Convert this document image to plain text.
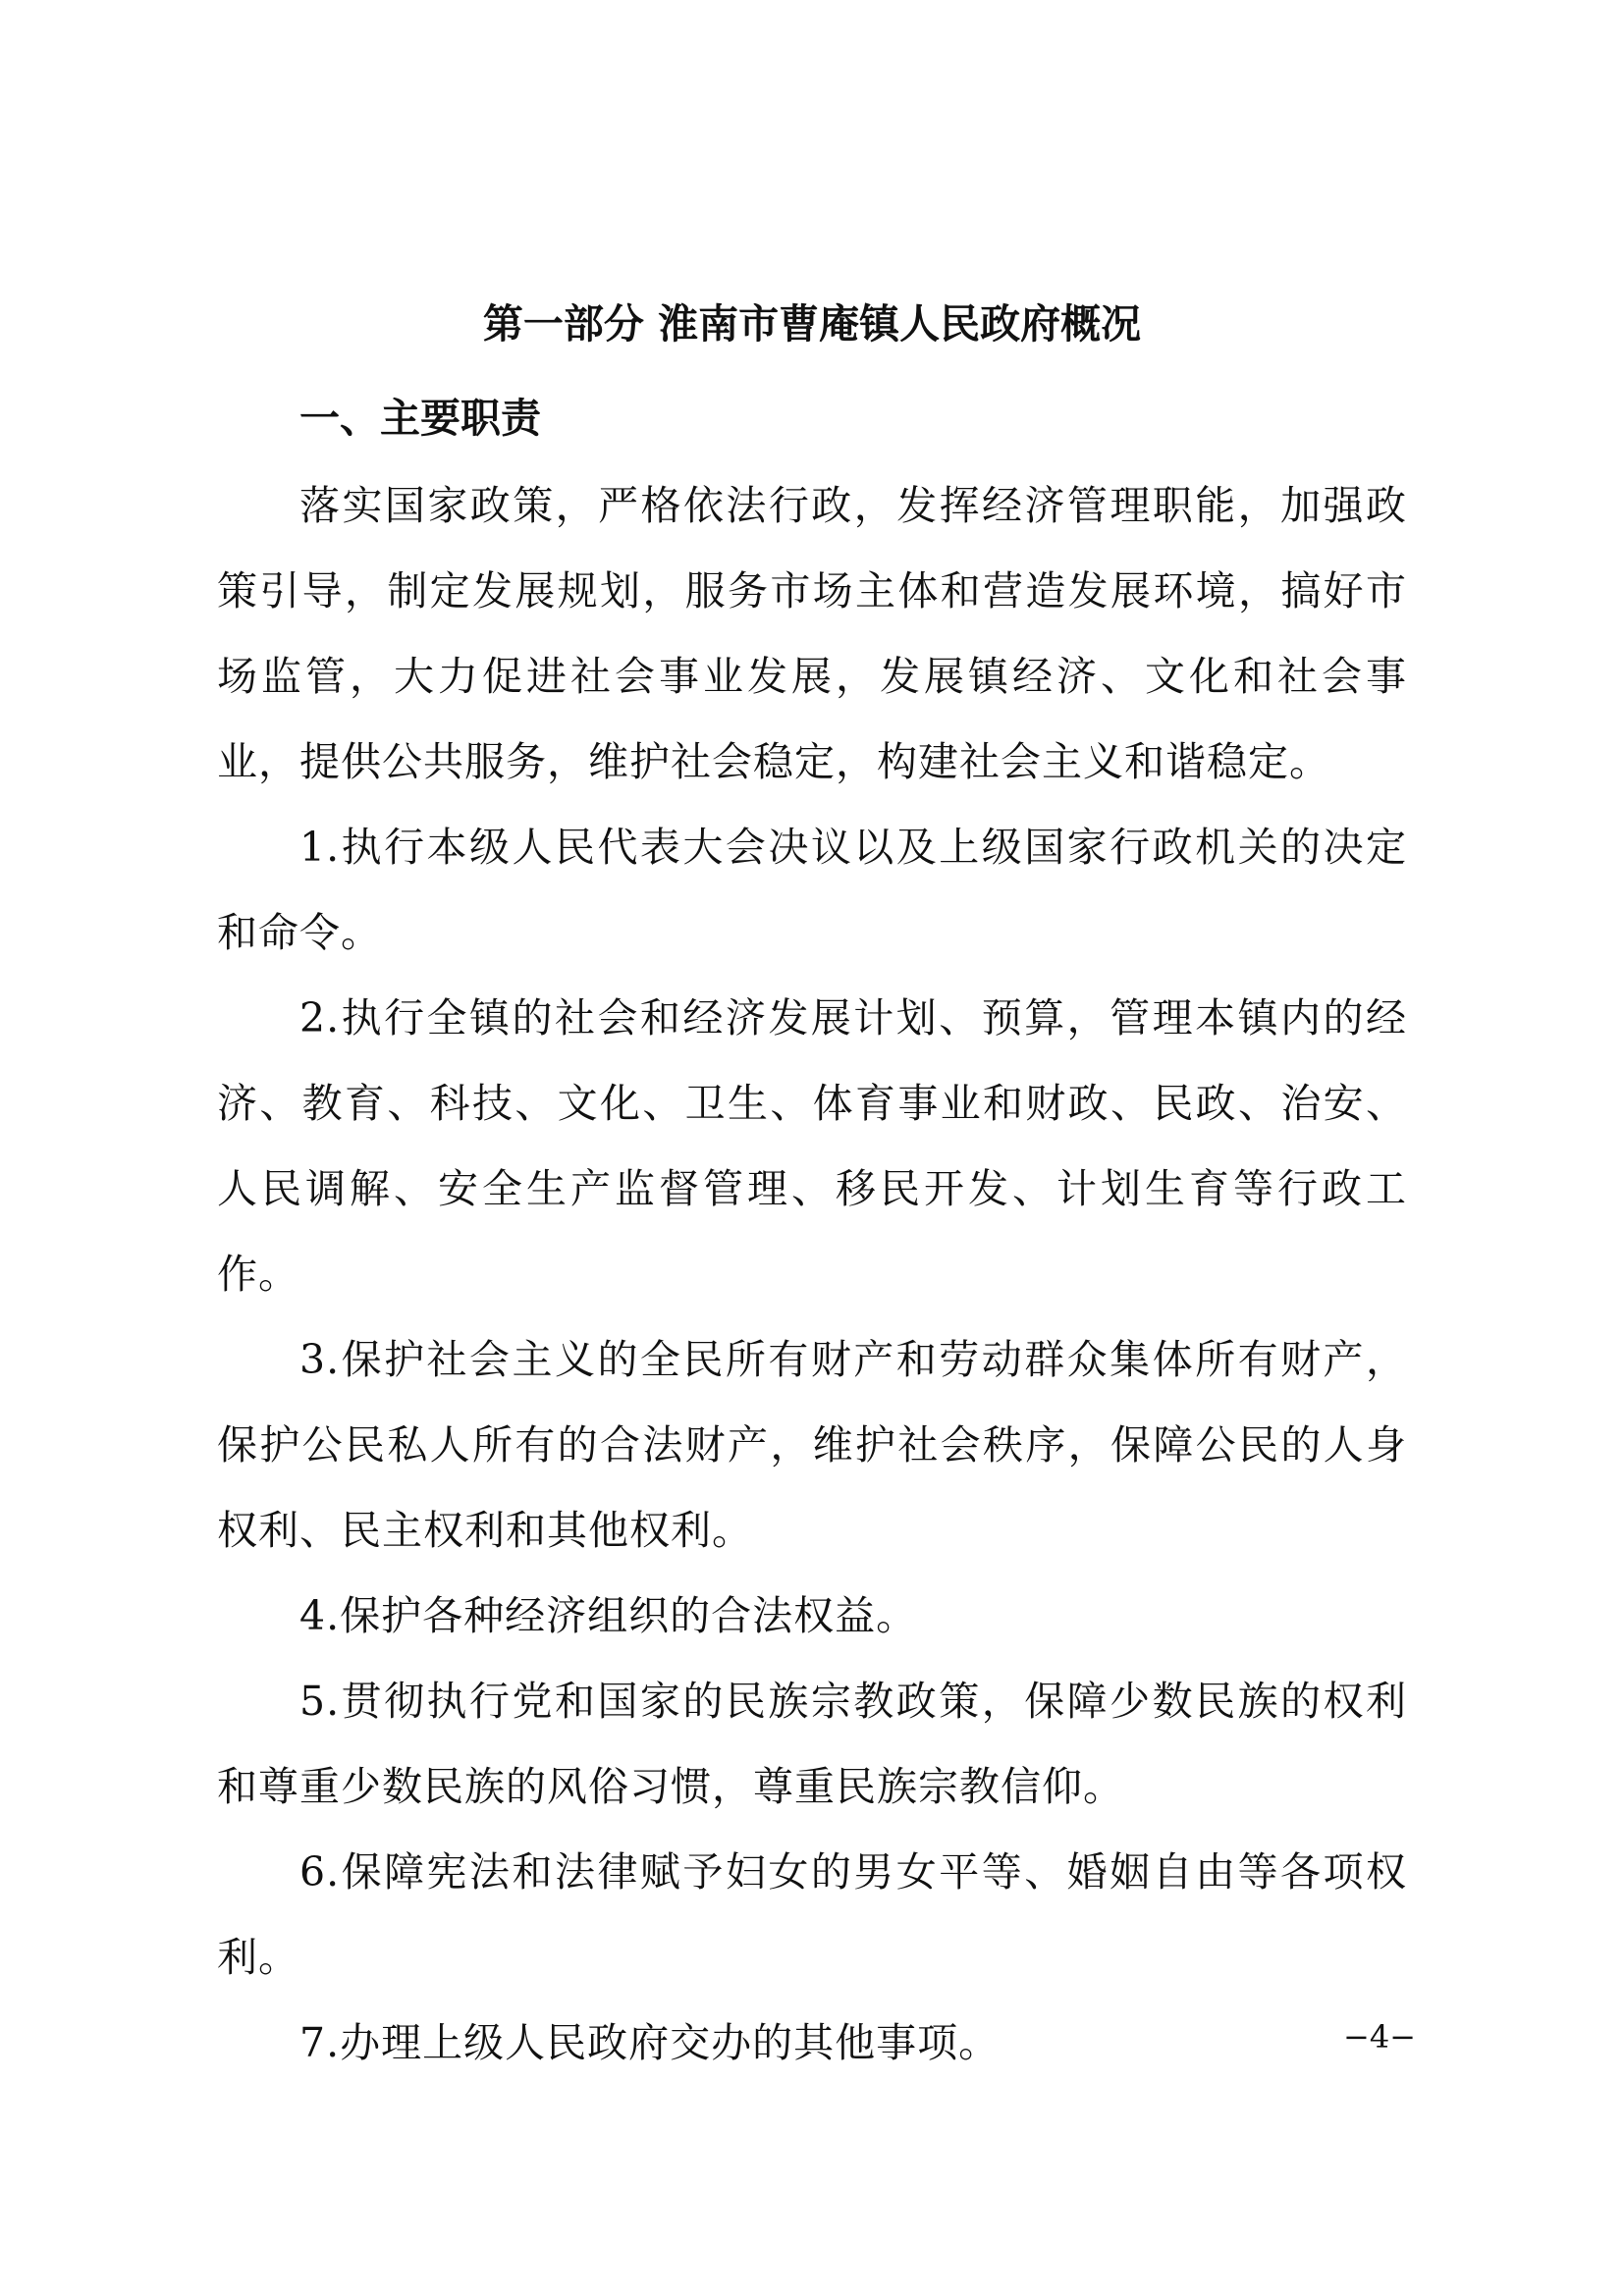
第一部分 淮南市曹庵镇人民政府概况
一、主要职责

落实国家政策，严格依法行政，发挥经济管理职能，加强政策引导，制定发展规划，服务市场主体和营造发展环境，搞好市场监管，大力促进社会事业发展，发展镇经济、文化和社会事业，提供公共服务，维护社会稳定，构建社会主义和谐稳定。

1.执行本级人民代表大会决议以及上级国家行政机关的决定和命令。

2.执行全镇的社会和经济发展计划、预算，管理本镇内的经济、教育、科技、文化、卫生、体育事业和财政、民政、治安、人民调解、安全生产监督管理、移民开发、计划生育等行政工作。

3.保护社会主义的全民所有财产和劳动群众集体所有财产，保护公民私人所有的合法财产，维护社会秩序，保障公民的人身权利、民主权利和其他权利。

4.保护各种经济组织的合法权益。

5.贯彻执行党和国家的民族宗教政策，保障少数民族的权利和尊重少数民族的风俗习惯，尊重民族宗教信仰。

6.保障宪法和法律赋予妇女的男女平等、婚姻自由等各项权利。

7.办理上级人民政府交办的其他事项。	−4−
